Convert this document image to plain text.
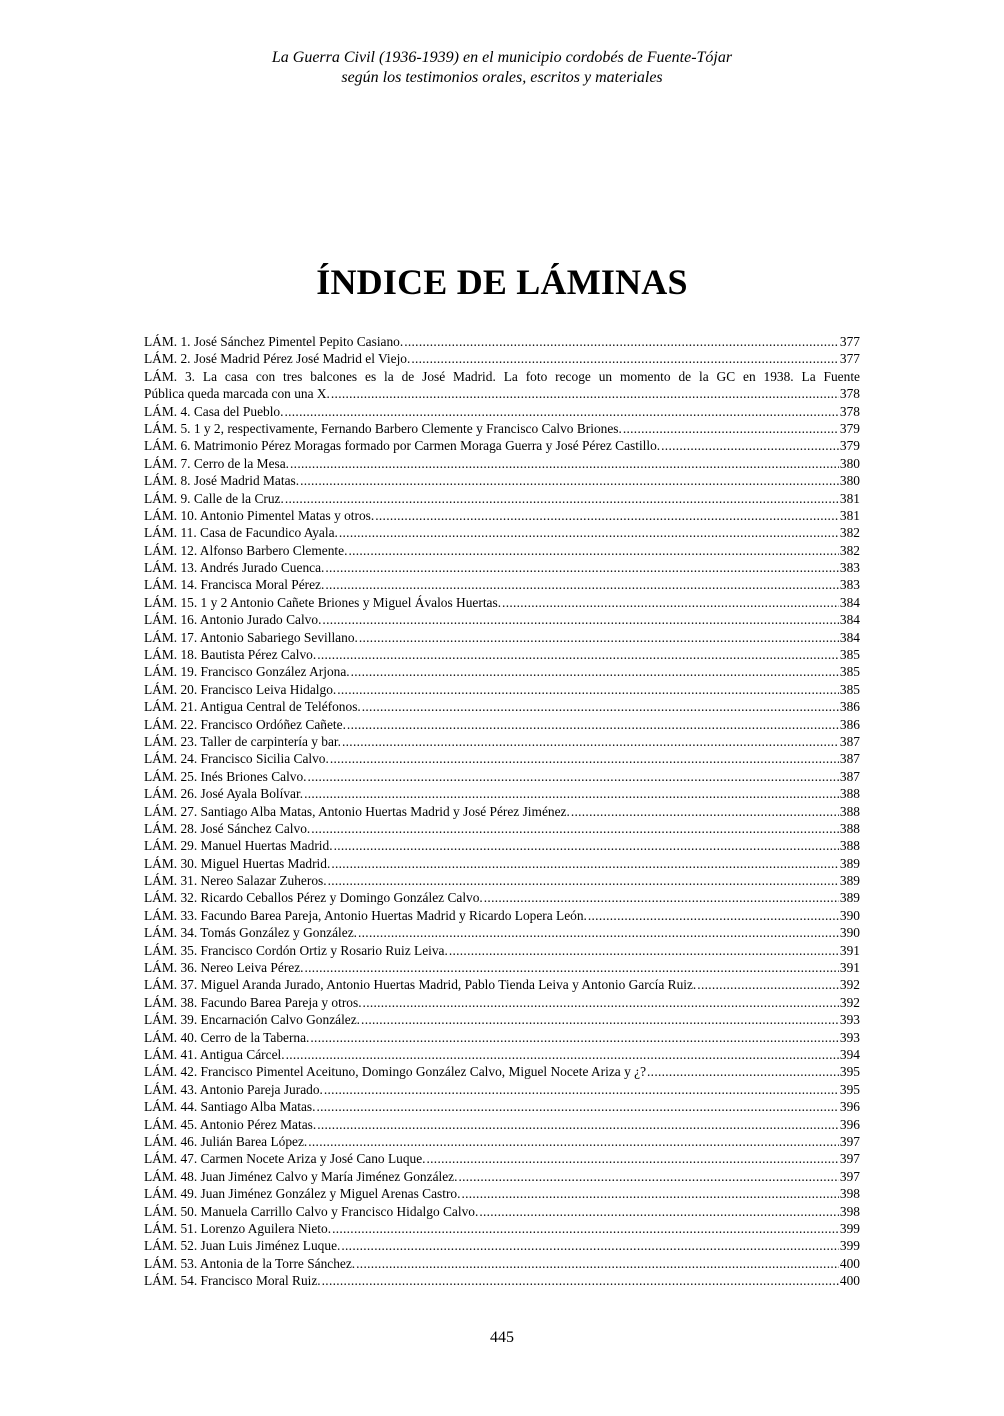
La Guerra Civil (1936-1939) en el municipio cordobés de Fuente-Tójar
según los testimonios orales, escritos y materiales
ÍNDICE DE LÁMINAS
LÁM. 1. José Sánchez Pimentel Pepito Casiano. .....	377
LÁM. 2. José Madrid Pérez José Madrid el Viejo. .....	377
LÁM. 3. La casa con tres balcones es la de José Madrid. La foto recoge un momento de la GC en 1938. La Fuente
Pública queda marcada con una X. .....	378
LÁM. 4. Casa del Pueblo. .....	378
LÁM. 5. 1 y 2, respectivamente, Fernando Barbero Clemente y Francisco Calvo Briones. .....	379
LÁM. 6. Matrimonio Pérez Moragas formado por Carmen Moraga Guerra y José Pérez Castillo. .....	379
LÁM. 7. Cerro de la Mesa. .....	380
LÁM. 8. José Madrid Matas. .....	380
LÁM. 9. Calle de la Cruz. .....	381
LÁM. 10. Antonio Pimentel Matas y otros. .....	381
LÁM. 11. Casa de Facundico Ayala. .....	382
LÁM. 12. Alfonso Barbero Clemente. .....	382
LÁM. 13. Andrés Jurado Cuenca. .....	383
LÁM. 14. Francisca Moral Pérez. .....	383
LÁM. 15. 1 y 2 Antonio Cañete Briones y Miguel Ávalos Huertas. .....	384
LÁM. 16. Antonio Jurado Calvo. .....	384
LÁM. 17. Antonio Sabariego Sevillano. .....	384
LÁM. 18. Bautista Pérez Calvo. .....	385
LÁM. 19. Francisco González Arjona. .....	385
LÁM. 20. Francisco Leiva Hidalgo. .....	385
LÁM. 21. Antigua Central de Teléfonos. .....	386
LÁM. 22. Francisco Ordóñez Cañete. .....	386
LÁM. 23. Taller de carpintería y bar. .....	387
LÁM. 24. Francisco Sicilia Calvo. .....	387
LÁM. 25. Inés Briones Calvo. .....	387
LÁM. 26. José Ayala Bolívar. .....	388
LÁM. 27. Santiago Alba Matas, Antonio Huertas Madrid y José Pérez Jiménez. .....	388
LÁM. 28. José Sánchez Calvo. .....	388
LÁM. 29. Manuel Huertas Madrid. .....	388
LÁM. 30. Miguel Huertas Madrid. .....	389
LÁM. 31. Nereo Salazar Zuheros. .....	389
LÁM. 32. Ricardo Ceballos Pérez y Domingo González Calvo. .....	389
LÁM. 33. Facundo Barea Pareja, Antonio Huertas Madrid y Ricardo Lopera León. .....	390
LÁM. 34. Tomás González y González. .....	390
LÁM. 35. Francisco Cordón Ortiz y Rosario Ruiz Leiva. .....	391
LÁM. 36. Nereo Leiva Pérez. .....	391
LÁM. 37. Miguel Aranda Jurado, Antonio Huertas Madrid, Pablo Tienda Leiva y Antonio García Ruiz. .....	392
LÁM. 38. Facundo Barea Pareja y otros. .....	392
LÁM. 39. Encarnación Calvo González. .....	393
LÁM. 40. Cerro de la Taberna. .....	393
LÁM. 41. Antigua Cárcel. .....	394
LÁM. 42. Francisco Pimentel Aceituno, Domingo González Calvo, Miguel Nocete Ariza y ¿? .....	395
LÁM. 43. Antonio Pareja Jurado. .....	395
LÁM. 44. Santiago Alba Matas. .....	396
LÁM. 45. Antonio Pérez Matas. .....	396
LÁM. 46. Julián Barea López. .....	397
LÁM. 47. Carmen Nocete Ariza y José Cano Luque. .....	397
LÁM. 48. Juan Jiménez Calvo y María Jiménez González. .....	397
LÁM. 49. Juan Jiménez González y Miguel Arenas Castro. .....	398
LÁM. 50. Manuela Carrillo Calvo y Francisco Hidalgo Calvo. .....	398
LÁM. 51. Lorenzo Aguilera Nieto. .....	399
LÁM. 52. Juan Luis Jiménez Luque. .....	399
LÁM. 53. Antonia de la Torre Sánchez. .....	400
LÁM. 54. Francisco Moral Ruiz. .....	400
445
